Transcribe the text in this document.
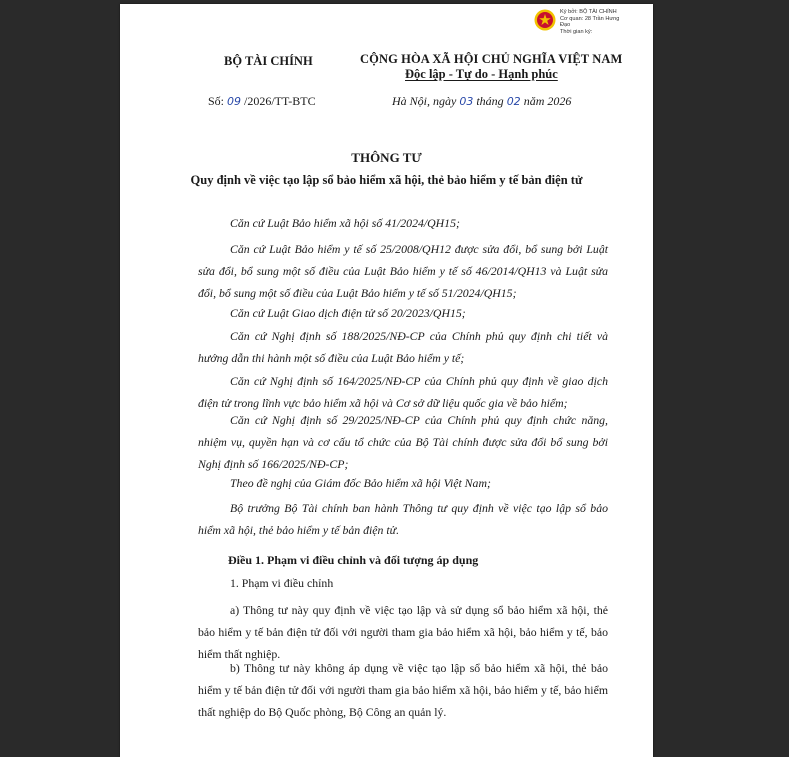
Ký bởi: BỘ TÀI CHÍNH
Cơ quan: 28 Trần Hưng
Đạo
Thời gian ký:
BỘ TÀI CHÍNH	CỘNG HÒA XÃ HỘI CHỦ NGHĨA VIỆT NAM
Độc lập - Tự do - Hạnh phúc
Số: 09 /2026/TT-BTC	Hà Nội, ngày 03 tháng 02 năm 2026
THÔNG TƯ
Quy định về việc tạo lập sổ bảo hiểm xã hội, thẻ bảo hiểm y tế bản điện tử
Căn cứ Luật Bảo hiểm xã hội số 41/2024/QH15;
Căn cứ Luật Bảo hiểm y tế số 25/2008/QH12 được sửa đổi, bổ sung bởi Luật sửa đổi, bổ sung một số điều của Luật Bảo hiểm y tế số 46/2014/QH13 và Luật sửa đổi, bổ sung một số điều của Luật Bảo hiểm y tế số 51/2024/QH15;
Căn cứ Luật Giao dịch điện tử số 20/2023/QH15;
Căn cứ Nghị định số 188/2025/NĐ-CP của Chính phủ quy định chi tiết và hướng dẫn thi hành một số điều của Luật Bảo hiểm y tế;
Căn cứ Nghị định số 164/2025/NĐ-CP của Chính phủ quy định về giao dịch điện tử trong lĩnh vực bảo hiểm xã hội và Cơ sở dữ liệu quốc gia về bảo hiểm;
Căn cứ Nghị định số 29/2025/NĐ-CP của Chính phủ quy định chức năng, nhiệm vụ, quyền hạn và cơ cấu tổ chức của Bộ Tài chính được sửa đổi bổ sung bởi Nghị định số 166/2025/NĐ-CP;
Theo đề nghị của Giám đốc Bảo hiểm xã hội Việt Nam;
Bộ trưởng Bộ Tài chính ban hành Thông tư quy định về việc tạo lập sổ bảo hiểm xã hội, thẻ bảo hiểm y tế bản điện tử.
Điều 1. Phạm vi điều chỉnh và đối tượng áp dụng
1. Phạm vi điều chỉnh
a) Thông tư này quy định về việc tạo lập và sử dụng sổ bảo hiểm xã hội, thẻ bảo hiểm y tế bản điện tử đối với người tham gia bảo hiểm xã hội, bảo hiểm y tế, bảo hiểm thất nghiệp.
b) Thông tư này không áp dụng về việc tạo lập sổ bảo hiểm xã hội, thẻ bảo hiểm y tế bản điện tử đối với người tham gia bảo hiểm xã hội, bảo hiểm y tế, bảo hiểm thất nghiệp do Bộ Quốc phòng, Bộ Công an quản lý.
